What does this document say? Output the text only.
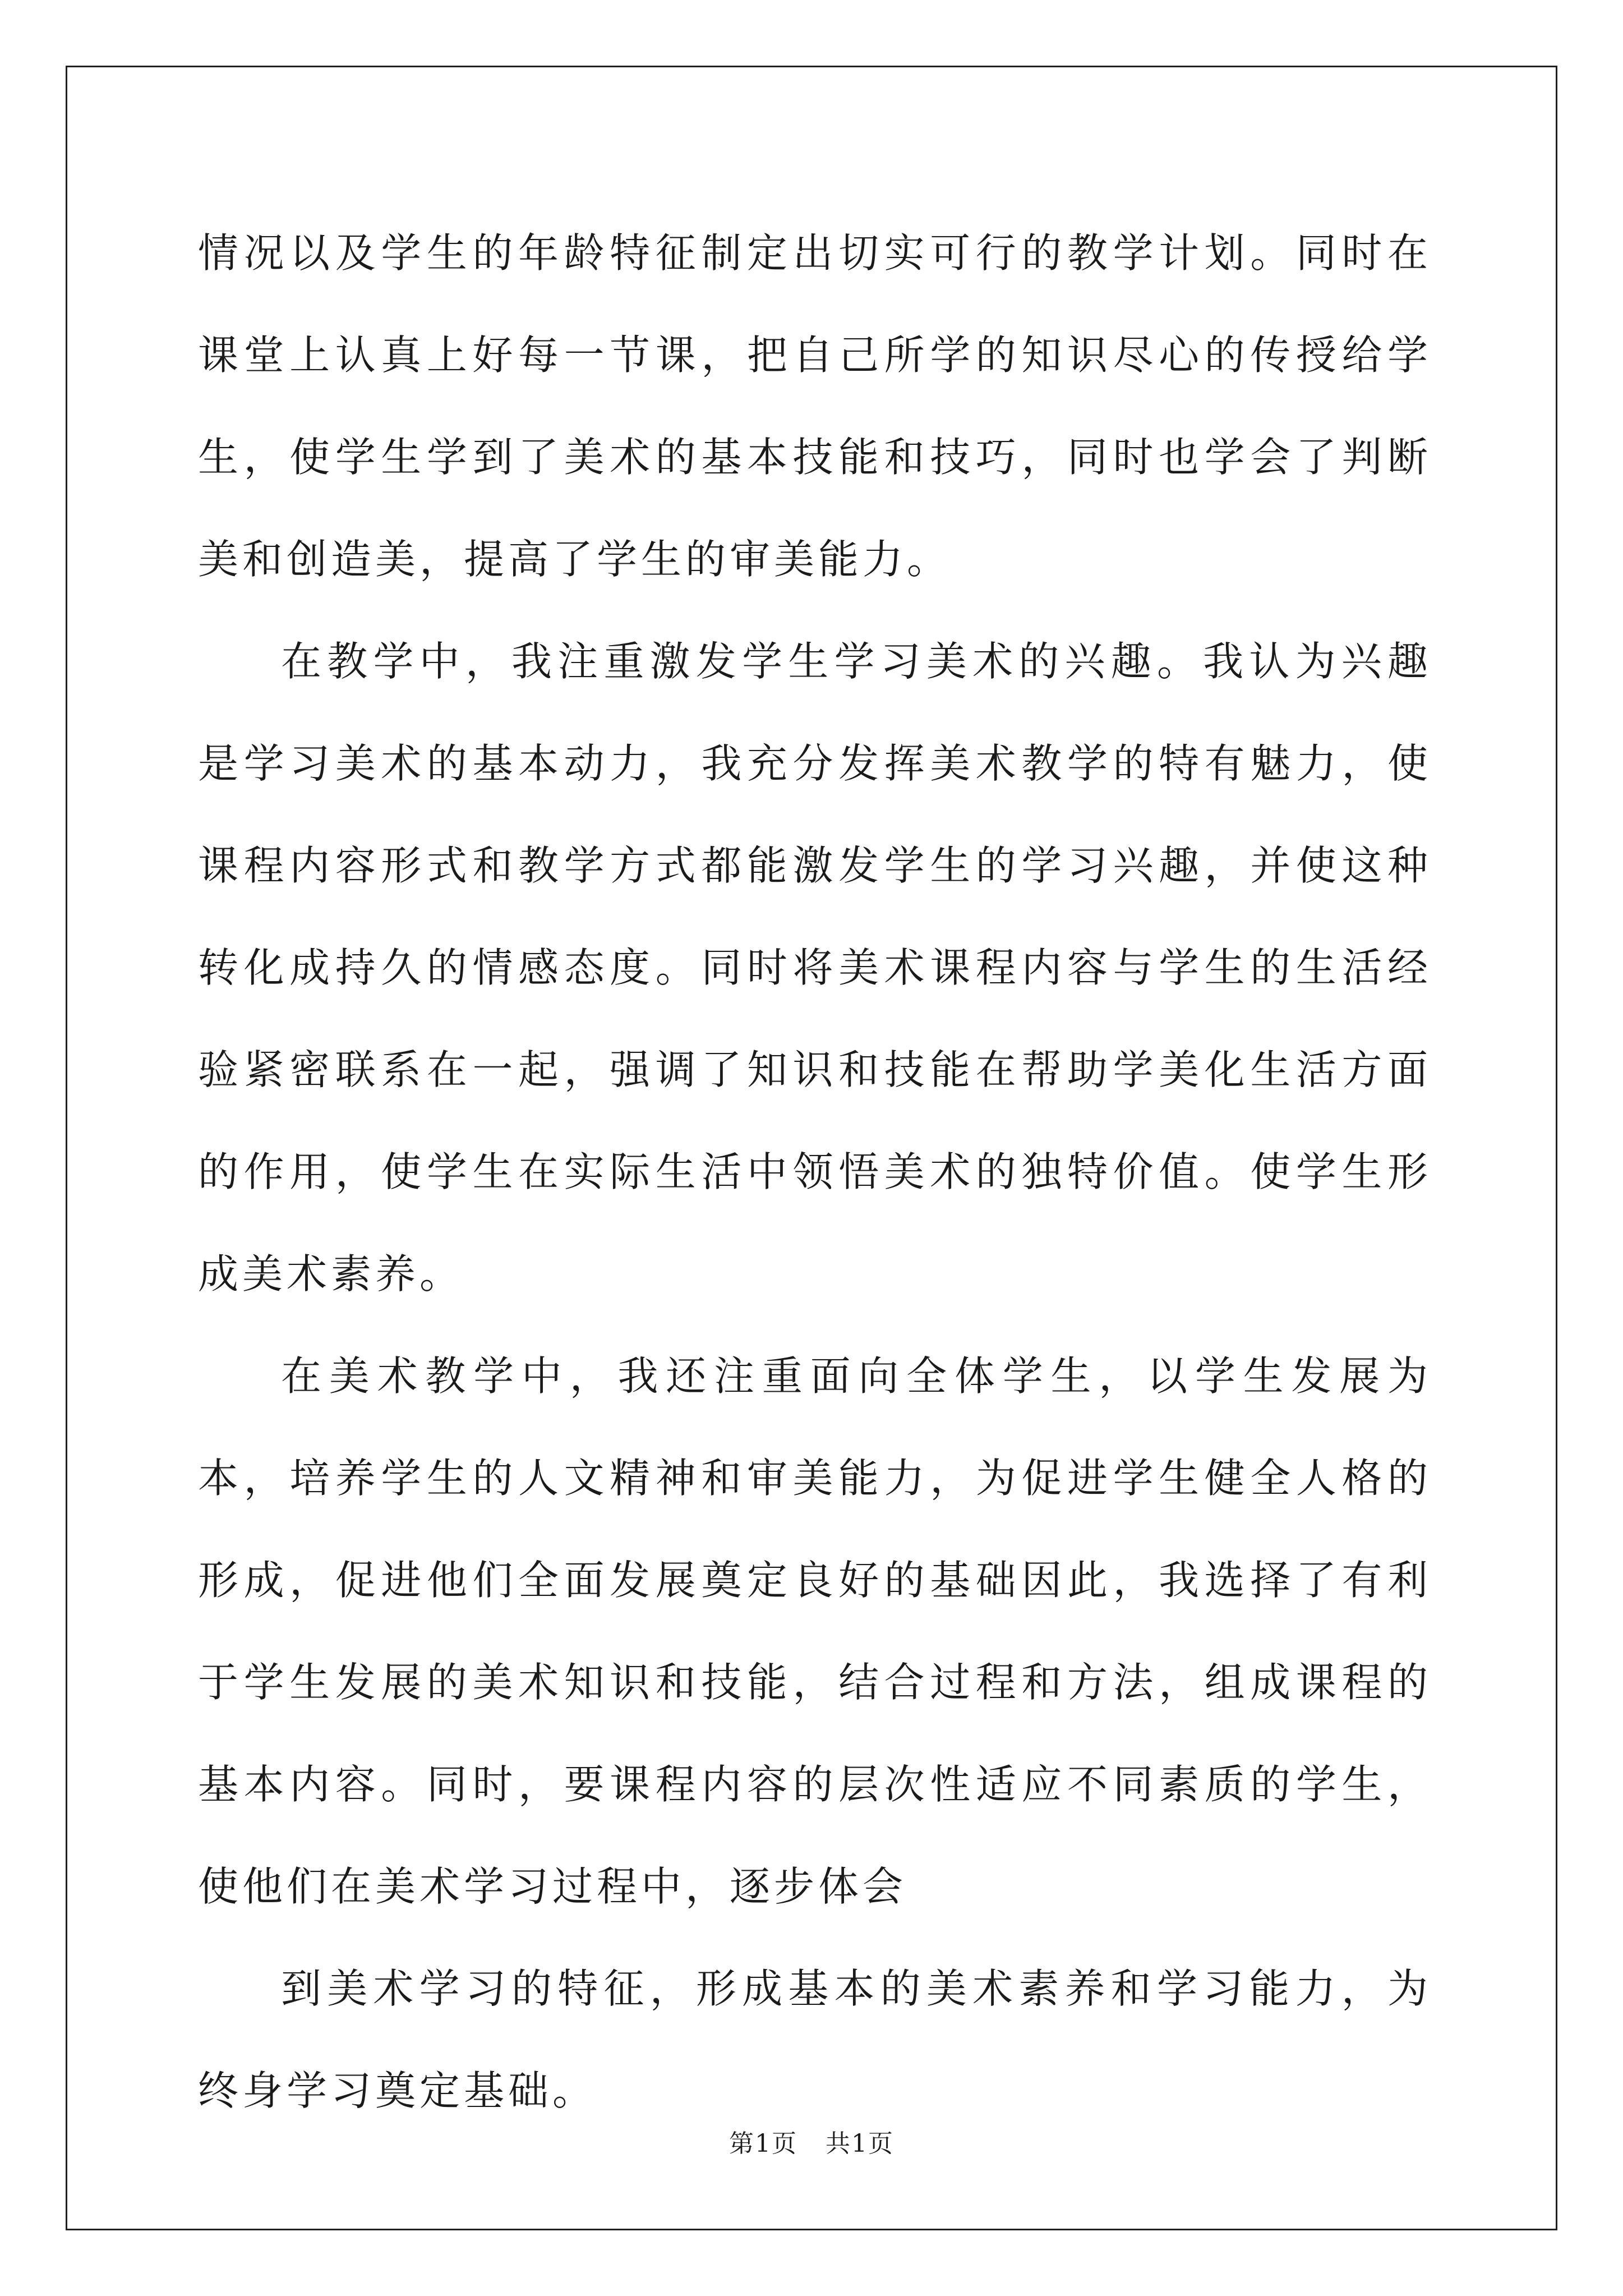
情况以及学生的年龄特征制定出切实可行的教学计划。同时在课堂上认真上好每一节课，把自己所学的知识尽心的传授给学生，使学生学到了美术的基本技能和技巧，同时也学会了判断美和创造美，提高了学生的审美能力。

在教学中，我注重激发学生学习美术的兴趣。我认为兴趣是学习美术的基本动力，我充分发挥美术教学的特有魅力，使课程内容形式和教学方式都能激发学生的学习兴趣，并使这种转化成持久的情感态度。同时将美术课程内容与学生的生活经验紧密联系在一起，强调了知识和技能在帮助学美化生活方面的作用，使学生在实际生活中领悟美术的独特价值。使学生形成美术素养。

在美术教学中，我还注重面向全体学生，以学生发展为本，培养学生的人文精神和审美能力，为促进学生健全人格的形成，促进他们全面发展奠定良好的基础因此，我选择了有利于学生发展的美术知识和技能，结合过程和方法，组成课程的基本内容。同时，要课程内容的层次性适应不同素质的学生，使他们在美术学习过程中，逐步体会

到美术学习的特征，形成基本的美术素养和学习能力，为终身学习奠定基础。

第1页 共1页
